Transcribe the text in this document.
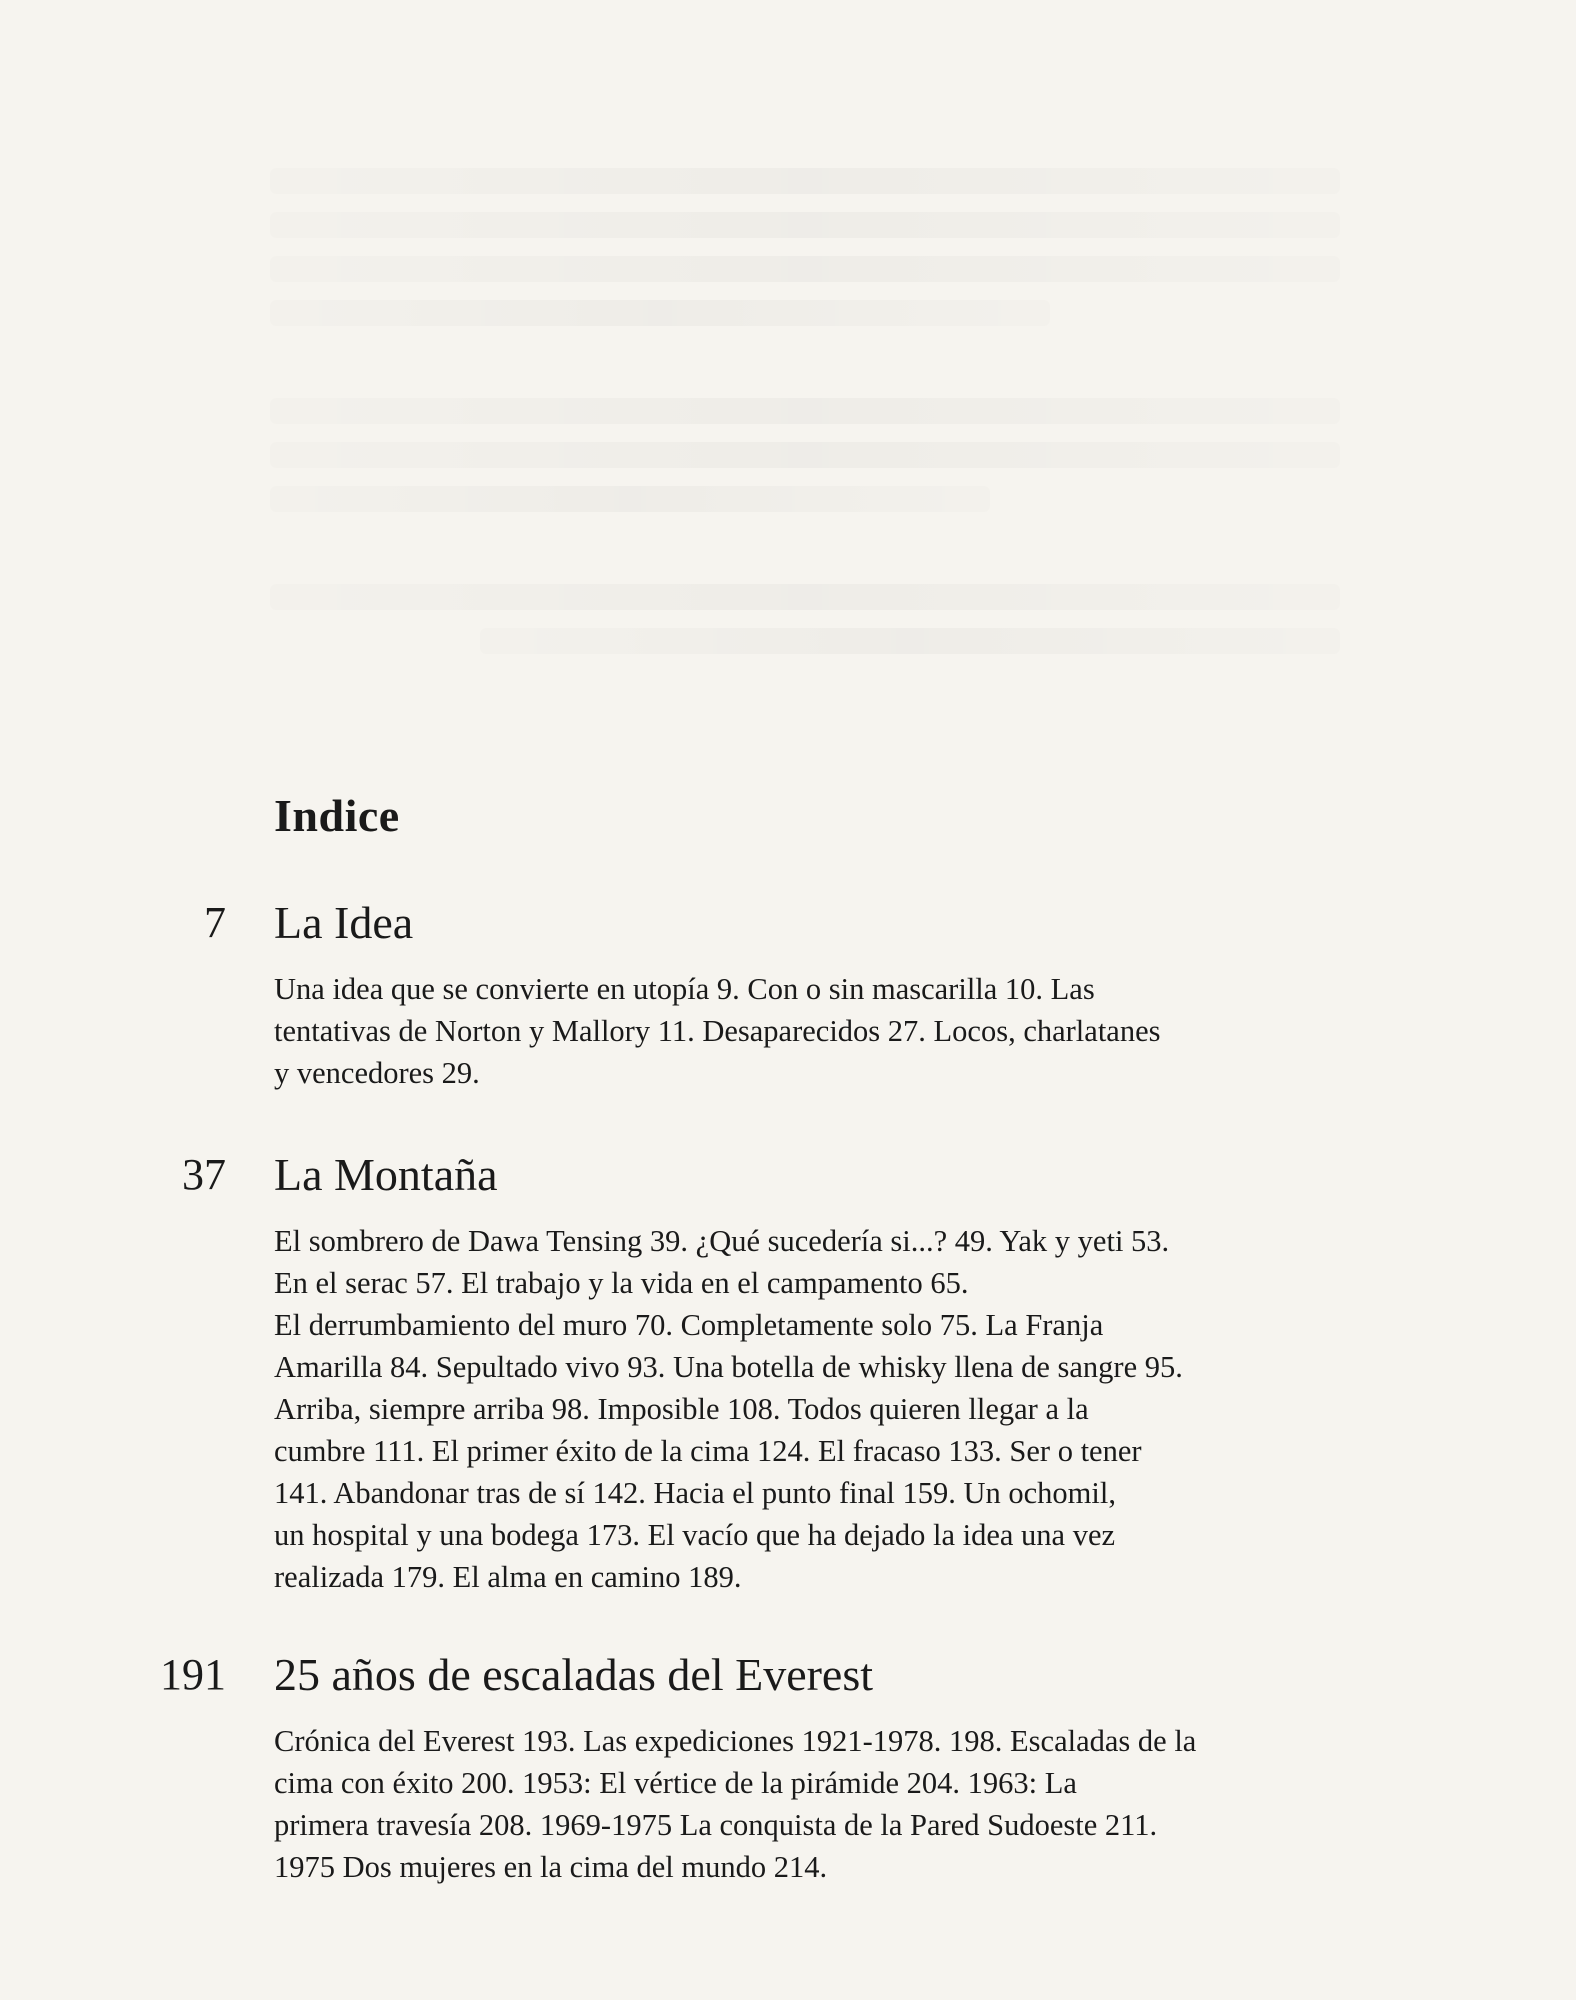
Indice
7 La Idea

Una idea que se convierte en utopía 9. Con o sin mascarilla 10. Las
tentativas de Norton y Mallory 11. Desaparecidos 27. Locos, charlatanes
y vencedores 29.

37 La Montaña

El sombrero de Dawa Tensing 39. ¿Qué sucedería si...? 49. Yak y yeti 53.
En el serac 57. El trabajo y la vida en el campamento 65.
El derrumbamiento del muro 70. Completamente solo 75. La Franja
Amarilla 84. Sepultado vivo 93. Una botella de whisky llena de sangre 95.
Arriba, siempre arriba 98. Imposible 108. Todos quieren llegar a la
cumbre 111. El primer éxito de la cima 124. El fracaso 133. Ser o tener
141. Abandonar tras de sí 142. Hacia el punto final 159. Un ochomil,
un hospital y una bodega 173. El vacío que ha dejado la idea una vez
realizada 179. El alma en camino 189.

191 25 años de escaladas del Everest

Crónica del Everest 193. Las expediciones 1921-1978. 198. Escaladas de la
cima con éxito 200. 1953: El vértice de la pirámide 204. 1963: La
primera travesía 208. 1969-1975 La conquista de la Pared Sudoeste 211.
1975 Dos mujeres en la cima del mundo 214.
